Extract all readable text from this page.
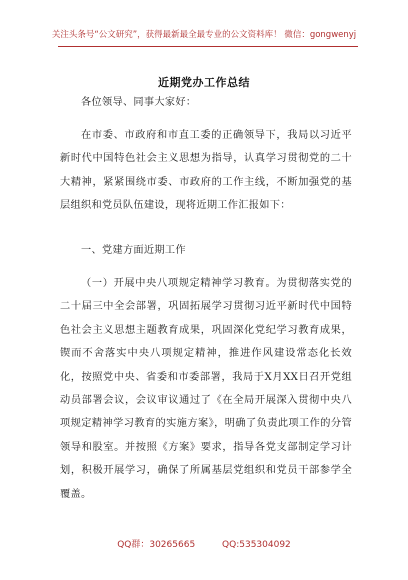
关注头条号“公文研究”，获得最新最全最专业的公文资料库！ 微信：gongwenyj
近期党办工作总结
各位领导、同事大家好：
在市委、市政府和市直工委的正确领导下，我局以习近平新时代中国特色社会主义思想为指导，认真学习贯彻党的二十大精神，紧紧围绕市委、市政府的工作主线，不断加强党的基层组织和党员队伍建设，现将近期工作汇报如下：
一、党建方面近期工作
（一）开展中央八项规定精神学习教育。为贯彻落实党的二十届三中全会部署，巩固拓展学习贯彻习近平新时代中国特色社会主义思想主题教育成果，巩固深化党纪学习教育成果，锲而不舍落实中央八项规定精神，推进作风建设常态化长效化，按照党中央、省委和市委部署，我局于X月XX日召开党组动员部署会议，会议审议通过了《在全局开展深入贯彻中央八项规定精神学习教育的实施方案》，明确了负责此项工作的分管领导和股室。并按照《方案》要求，指导各党支部制定学习计划，积极开展学习，确保了所属基层党组织和党员干部参学全覆盖。
QQ群：30265665	QQ:535304092
